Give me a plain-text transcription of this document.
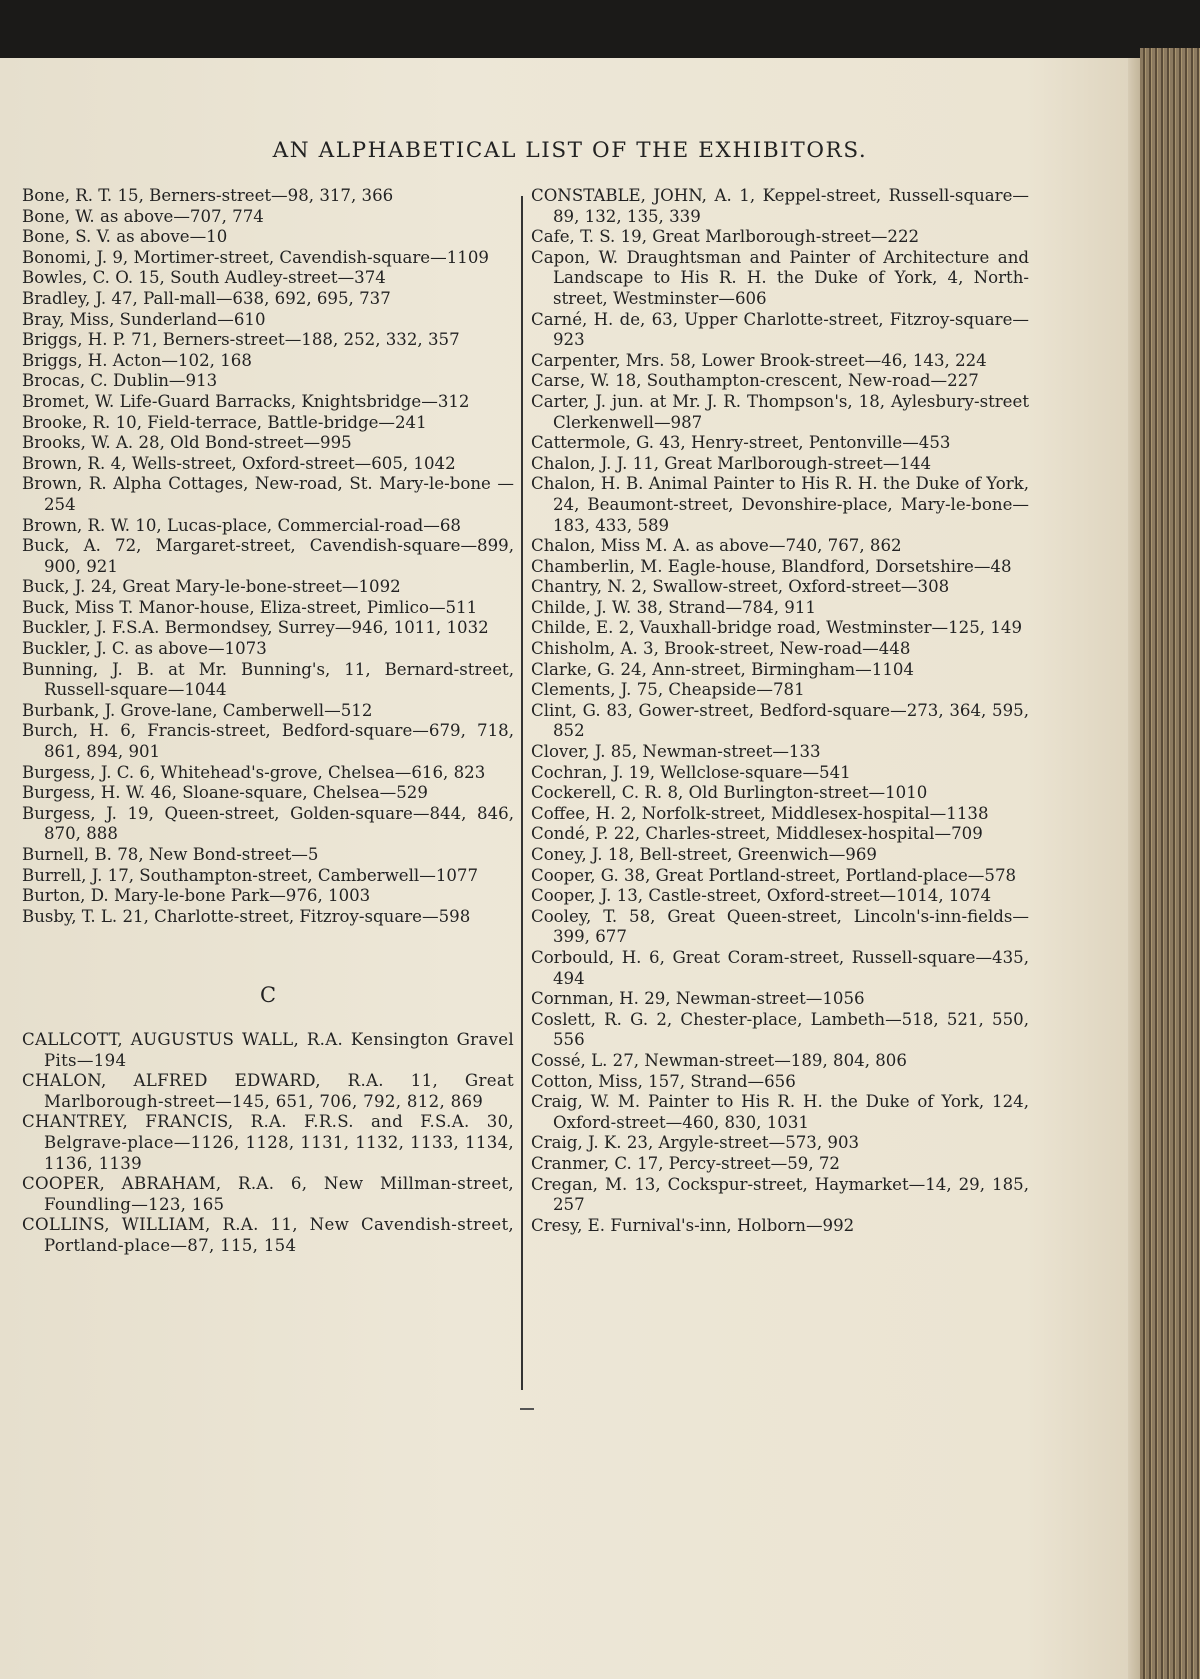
AN ALPHABETICAL LIST OF THE EXHIBITORS.
Bone, R. T. 15, Berners-street—98, 317, 366
Bone, W. as above—707, 774
Bone, S. V. as above—10
Bonomi, J. 9, Mortimer-street, Cavendish-square—1109
Bowles, C. O. 15, South Audley-street—374
Bradley, J. 47, Pall-mall—638, 692, 695, 737
Bray, Miss, Sunderland—610
Briggs, H. P. 71, Berners-street—188, 252, 332, 357
Briggs, H. Acton—102, 168
Brocas, C. Dublin—913
Bromet, W. Life-Guard Barracks, Knightsbridge—312
Brooke, R. 10, Field-terrace, Battle-bridge—241
Brooks, W. A. 28, Old Bond-street—995
Brown, R. 4, Wells-street, Oxford-street—605, 1042
Brown, R. Alpha Cottages, New-road, St. Mary-le-bone —254
Brown, R. W. 10, Lucas-place, Commercial-road—68
Buck, A. 72, Margaret-street, Cavendish-square—899, 900, 921
Buck, J. 24, Great Mary-le-bone-street—1092
Buck, Miss T. Manor-house, Eliza-street, Pimlico—511
Buckler, J. F.S.A. Bermondsey, Surrey—946, 1011, 1032
Buckler, J. C. as above—1073
Bunning, J. B. at Mr. Bunning's, 11, Bernard-street, Russell-square—1044
Burbank, J. Grove-lane, Camberwell—512
Burch, H. 6, Francis-street, Bedford-square—679, 718, 861, 894, 901
Burgess, J. C. 6, Whitehead's-grove, Chelsea—616, 823
Burgess, H. W. 46, Sloane-square, Chelsea—529
Burgess, J. 19, Queen-street, Golden-square—844, 846, 870, 888
Burnell, B. 78, New Bond-street—5
Burrell, J. 17, Southampton-street, Camberwell—1077
Burton, D. Mary-le-bone Park—976, 1003
Busby, T. L. 21, Charlotte-street, Fitzroy-square—598
C
CALLCOTT, AUGUSTUS WALL, R.A. Kensington Gravel Pits—194
CHALON, ALFRED EDWARD, R.A. 11, Great Marlborough-street—145, 651, 706, 792, 812, 869
CHANTREY, FRANCIS, R.A. F.R.S. and F.S.A. 30, Belgrave-place—1126, 1128, 1131, 1132, 1133, 1134, 1136, 1139
COOPER, ABRAHAM, R.A. 6, New Millman-street, Foundling—123, 165
COLLINS, WILLIAM, R.A. 11, New Cavendish-street, Portland-place—87, 115, 154
CONSTABLE, JOHN, A. 1, Keppel-street, Russell-square—89, 132, 135, 339
Cafe, T. S. 19, Great Marlborough-street—222
Capon, W. Draughtsman and Painter of Architecture and Landscape to His R. H. the Duke of York, 4, North-street, Westminster—606
Carné, H. de, 63, Upper Charlotte-street, Fitzroy-square—923
Carpenter, Mrs. 58, Lower Brook-street—46, 143, 224
Carse, W. 18, Southampton-crescent, New-road—227
Carter, J. jun. at Mr. J. R. Thompson's, 18, Aylesbury-street Clerkenwell—987
Cattermole, G. 43, Henry-street, Pentonville—453
Chalon, J. J. 11, Great Marlborough-street—144
Chalon, H. B. Animal Painter to His R. H. the Duke of York, 24, Beaumont-street, Devonshire-place, Mary-le-bone—183, 433, 589
Chalon, Miss M. A. as above—740, 767, 862
Chamberlin, M. Eagle-house, Blandford, Dorsetshire—48
Chantry, N. 2, Swallow-street, Oxford-street—308
Childe, J. W. 38, Strand—784, 911
Childe, E. 2, Vauxhall-bridge road, Westminster—125, 149
Chisholm, A. 3, Brook-street, New-road—448
Clarke, G. 24, Ann-street, Birmingham—1104
Clements, J. 75, Cheapside—781
Clint, G. 83, Gower-street, Bedford-square—273, 364, 595, 852
Clover, J. 85, Newman-street—133
Cochran, J. 19, Wellclose-square—541
Cockerell, C. R. 8, Old Burlington-street—1010
Coffee, H. 2, Norfolk-street, Middlesex-hospital—1138
Condé, P. 22, Charles-street, Middlesex-hospital—709
Coney, J. 18, Bell-street, Greenwich—969
Cooper, G. 38, Great Portland-street, Portland-place—578
Cooper, J. 13, Castle-street, Oxford-street—1014, 1074
Cooley, T. 58, Great Queen-street, Lincoln's-inn-fields—399, 677
Corbould, H. 6, Great Coram-street, Russell-square—435, 494
Cornman, H. 29, Newman-street—1056
Coslett, R. G. 2, Chester-place, Lambeth—518, 521, 550, 556
Cossé, L. 27, Newman-street—189, 804, 806
Cotton, Miss, 157, Strand—656
Craig, W. M. Painter to His R. H. the Duke of York, 124, Oxford-street—460, 830, 1031
Craig, J. K. 23, Argyle-street—573, 903
Cranmer, C. 17, Percy-street—59, 72
Cregan, M. 13, Cockspur-street, Haymarket—14, 29, 185, 257
Cresy, E. Furnival's-inn, Holborn—992
